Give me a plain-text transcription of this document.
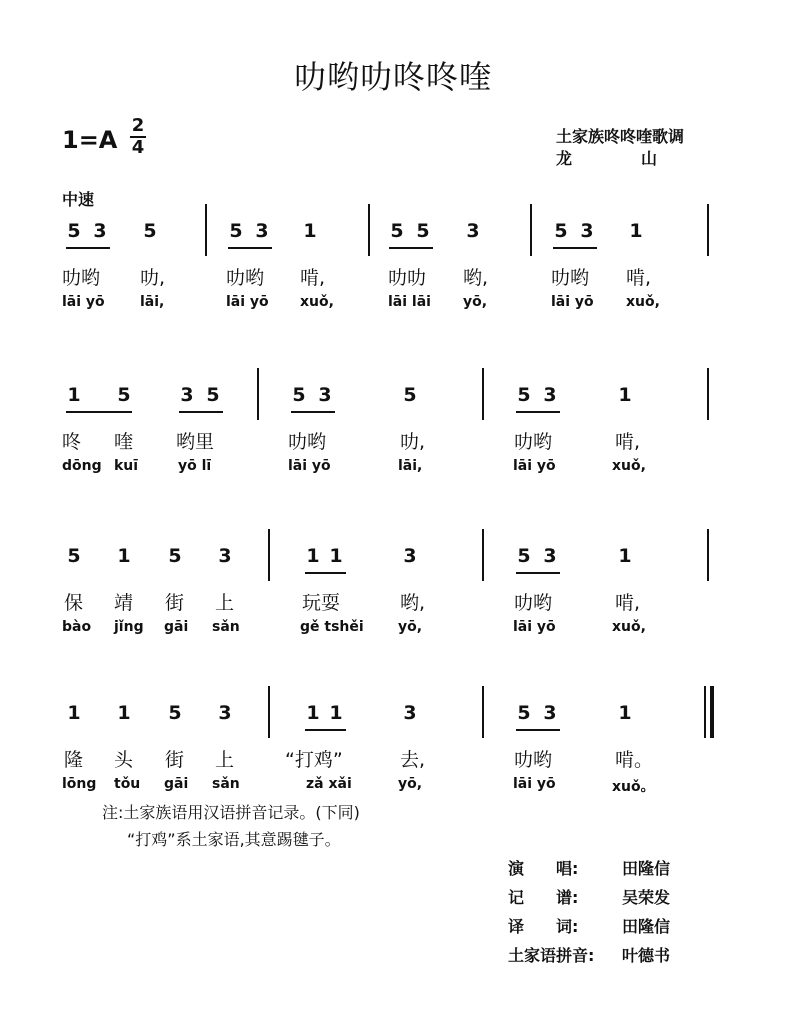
叻哟叻咚咚喹
1=A
2
4
土家族咚咚喹歌调
龙　　　　山
中速
5 3 5	5 3 1	5 5 3	5 3 1
叻哟 叻,	叻哟 啃,	叻叻 哟,	叻哟 啃,
lāi yō	lāi,	lāi yō xuǒ,	lāi lāi yō,	lāi yō xuǒ,
1 5	3 5	5 3	5	5 3	1
咚 喹 哟里	叻哟	叻,	叻哟	啃,
dōng kuī	yō lī	lāi yō	lāi,	lāi yō	xuǒ,
5 1 5 3	1 1	3	5 3	1
保 靖 街 上	玩耍	哟,	叻哟	啃,
bào jǐng gāi sǎn	gě tshěi yō,	lāi yō	xuǒ,
1 1 5 3	1 1	3	5 3	1
隆 头 街 上	“打鸡”	去,	叻哟	啃。
lōng tǒu gāi sǎn	zǎ xǎi	yō,	lāi yō	xuǒ。
注:土家族语用汉语拼音记录。(下同)
“打鸡”系土家语,其意踢毽子。
演　　唱:	田隆信
记　　谱:	吴荣发
译　　词:	田隆信
土家语拼音: 叶德书
